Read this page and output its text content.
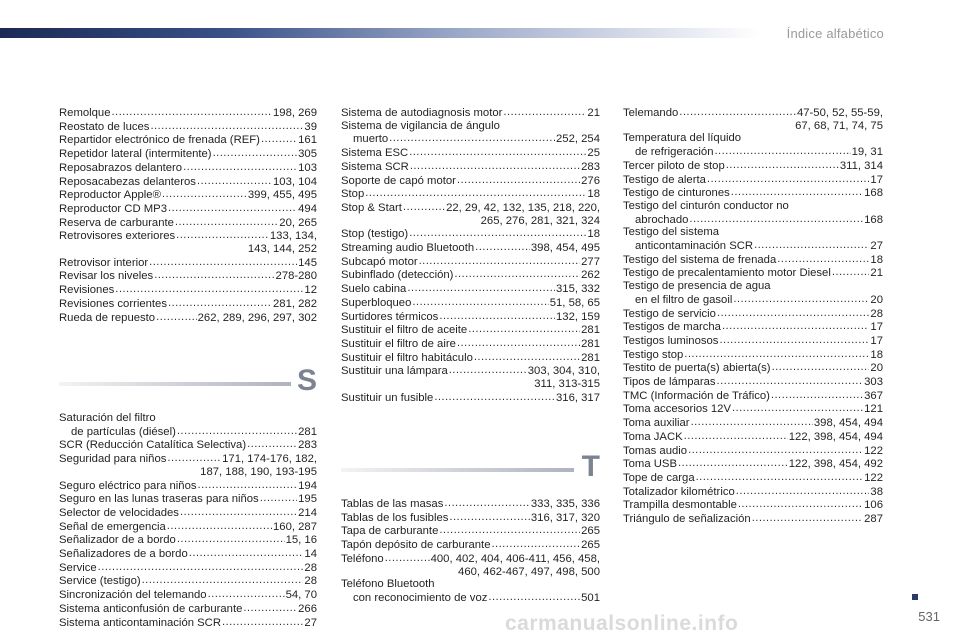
Índice alfabético
Remolque . . .	198, 269
Reostato de luces . . .	39
Repartidor electrónico de frenada (REF) . . .	161
Repetidor lateral (intermitente) . . .	305
Reposabrazos delantero . . .	103
Reposacabezas delanteros . . .	103, 104
Reproductor Apple® . . .	399, 455, 495
Reproductor CD MP3 . . .	494
Reserva de carburante . . .	20, 265
Retrovisores exteriores . . .	133, 134,
143, 144, 252
Retrovisor interior . . .	145
Revisar los niveles . . .	278-280
Revisiones . . .	12
Revisiones corrientes . . .	281, 282
Rueda de repuesto . . .	262, 289, 296, 297, 302
S
Saturación del filtro
de partículas (diésel) . . .	281
SCR (Reducción Catalítica Selectiva) . . .	283
Seguridad para niños . . .	171, 174-176, 182,
187, 188, 190, 193-195
Seguro eléctrico para niños . . .	194
Seguro en las lunas traseras para niños . . .	195
Selector de velocidades . . .	214
Señal de emergencia . . .	160, 287
Señalizador de a bordo . . .	15, 16
Señalizadores de a bordo . . .	14
Service . . .	28
Service (testigo) . . .	28
Sincronización del telemando . . .	54, 70
Sistema anticonfusión de carburante . . .	266
Sistema anticontaminación SCR . . .	27
Sistema de autodiagnosis motor . . .	21
Sistema de vigilancia de ángulo
muerto . . .	252, 254
Sistema ESC . . .	25
Sistema SCR . . .	283
Soporte de capó motor . . .	276
Stop . . .	18
Stop & Start . . .	22, 29, 42, 132, 135, 218, 220,
265, 276, 281, 321, 324
Stop (testigo) . . .	18
Streaming audio Bluetooth . . .	398, 454, 495
Subcapó motor . . .	277
Subinflado (detección) . . .	262
Suelo cabina . . .	315, 332
Superbloqueo . . .	51, 58, 65
Surtidores térmicos . . .	132, 159
Sustituir el filtro de aceite . . .	281
Sustituir el filtro de aire . . .	281
Sustituir el filtro habitáculo . . .	281
Sustituir una lámpara . . .	303, 304, 310,
311, 313-315
Sustituir un fusible . . .	316, 317
T
Tablas de las masas . . .	333, 335, 336
Tablas de los fusibles . . .	316, 317, 320
Tapa de carburante . . .	265
Tapón depósito de carburante . . .	265
Teléfono . . .	400, 402, 404, 406-411, 456, 458,
460, 462-467, 497, 498, 500
Teléfono Bluetooth
con reconocimiento de voz . . .	501
Telemando . . .	47-50, 52, 55-59,
67, 68, 71, 74, 75
Temperatura del líquido
de refrigeración . . .	19, 31
Tercer piloto de stop . . .	311, 314
Testigo de alerta . . .	17
Testigo de cinturones . . .	168
Testigo del cinturón conductor no
abrochado . . .	168
Testigo del sistema
anticontaminación SCR . . .	27
Testigo del sistema de frenada . . .	18
Testigo de precalentamiento motor Diesel . . .	21
Testigo de presencia de agua
en el filtro de gasoil . . .	20
Testigo de servicio . . .	28
Testigos de marcha . . .	17
Testigos luminosos . . .	17
Testigo stop . . .	18
Testito de puerta(s) abierta(s) . . .	20
Tipos de lámparas . . .	303
TMC (Información de Tráfico) . . .	367
Toma accesorios 12V . . .	121
Toma auxiliar . . .	398, 454, 494
Toma JACK . . .	122, 398, 454, 494
Tomas audio . . .	122
Toma USB . . .	122, 398, 454, 492
Tope de carga . . .	122
Totalizador kilométrico . . .	38
Trampilla desmontable . . .	106
Triángulo de señalización . . .	287
531
carmanualsonline.info
